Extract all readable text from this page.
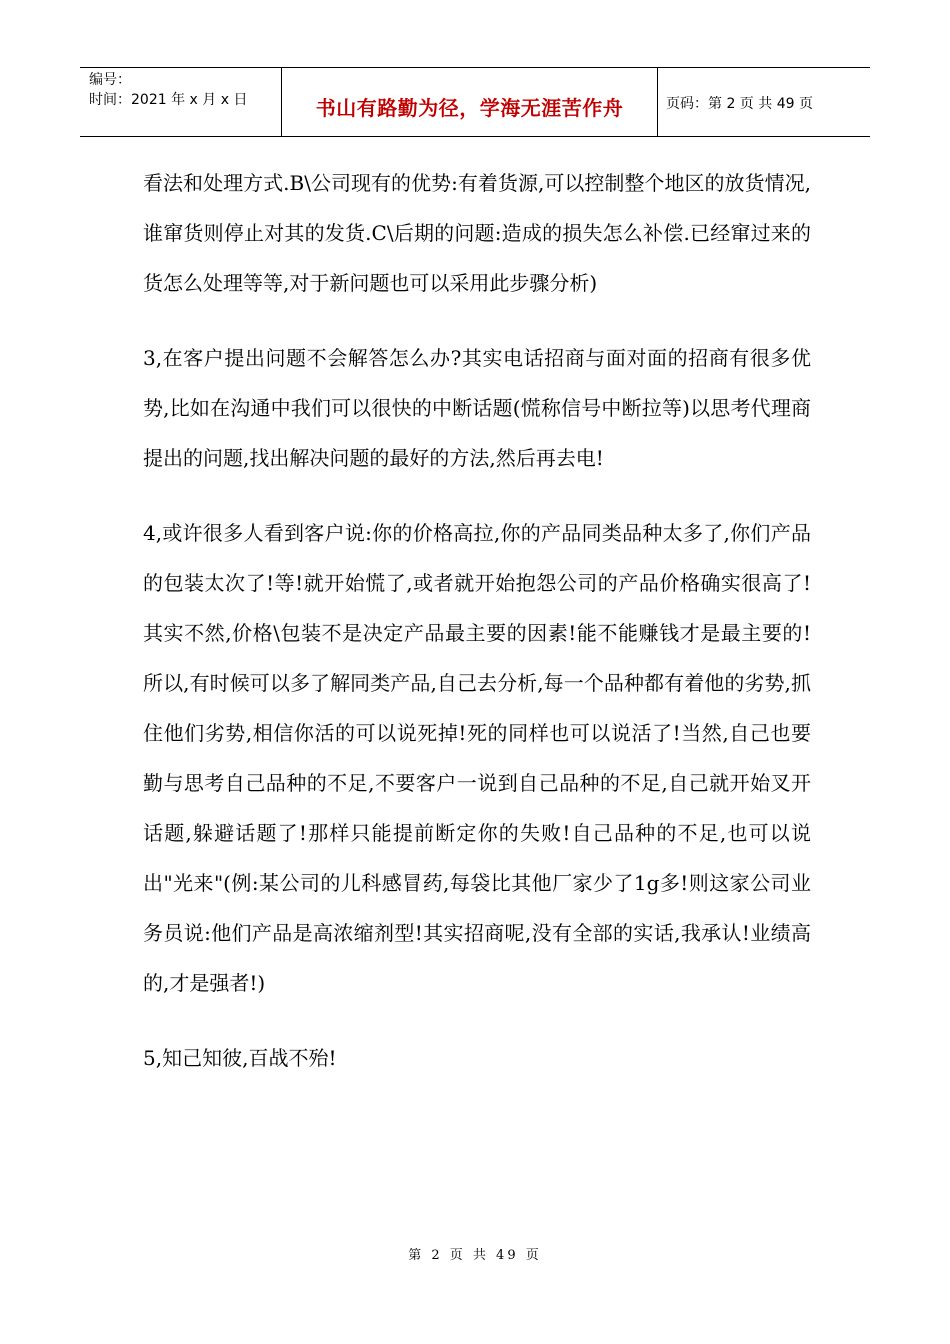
编号：
时间：2021 年 x 月 x 日	书山有路勤为径，学海无涯苦作舟	页码：第 2 页 共 49 页

看法和处理方式.B\公司现有的优势:有着货源,可以控制整个地区的放货情况,谁窜货则停止对其的发货.C\后期的问题:造成的损失怎么补偿.已经窜过来的货怎么处理等等,对于新问题也可以采用此步骤分析)

3,在客户提出问题不会解答怎么办?其实电话招商与面对面的招商有很多优势,比如在沟通中我们可以很快的中断话题(慌称信号中断拉等)以思考代理商提出的问题,找出解决问题的最好的方法,然后再去电!

4,或许很多人看到客户说:你的价格高拉,你的产品同类品种太多了,你们产品的包装太次了!等!就开始慌了,或者就开始抱怨公司的产品价格确实很高了!其实不然,价格\包装不是决定产品最主要的因素!能不能赚钱才是最主要的!所以,有时候可以多了解同类产品,自己去分析,每一个品种都有着他的劣势,抓住他们劣势,相信你活的可以说死掉!死的同样也可以说活了!当然,自己也要勤与思考自己品种的不足,不要客户一说到自己品种的不足,自己就开始叉开话题,躲避话题了!那样只能提前断定你的失败!自己品种的不足,也可以说出"光来"(例:某公司的儿科感冒药,每袋比其他厂家少了1g多!则这家公司业务员说:他们产品是高浓缩剂型!其实招商呢,没有全部的实话,我承认!业绩高的,才是强者!)

5,知己知彼,百战不殆!

第 2 页 共 49 页
